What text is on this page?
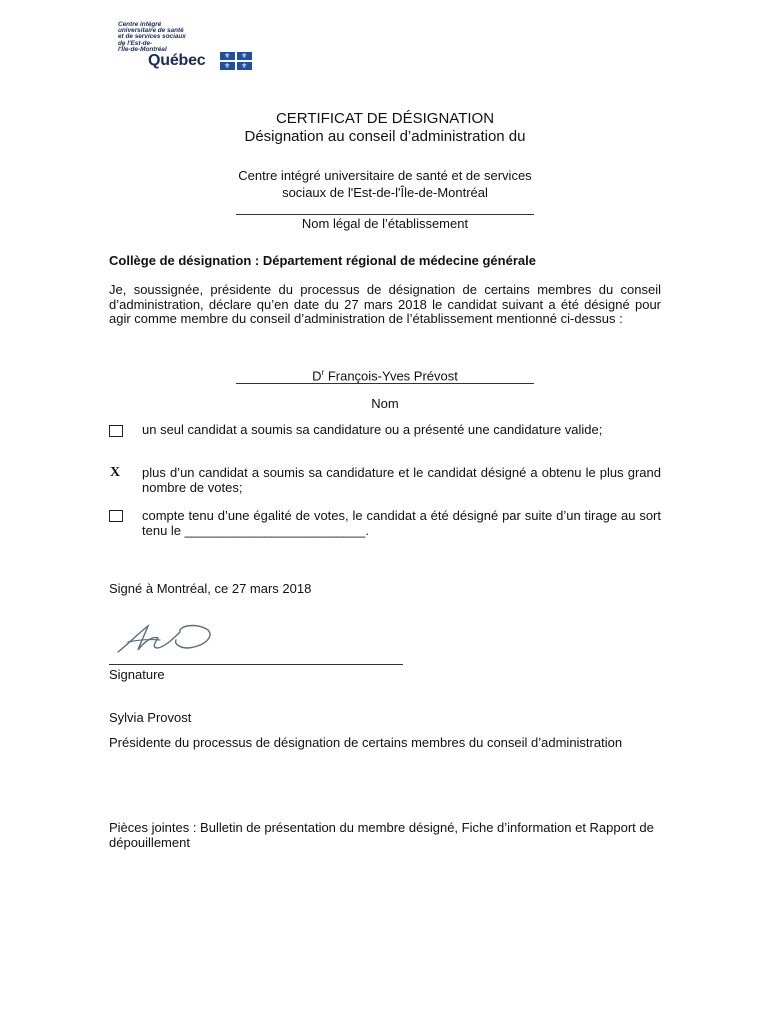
Centre intégré
universitaire de santé
et de services sociaux
de l'Est-de-
l'Île-de-Montréal
Québec	⚜ ⚜
⚜ ⚜
CERTIFICAT DE DÉSIGNATION
Désignation au conseil d’administration du
Centre intégré universitaire de santé et de services sociaux de l'Est-de-l'Île-de-Montréal
Nom légal de l’établissement
Collège de désignation : Département régional de médecine générale
Je, soussignée, présidente du processus de désignation de certains membres du conseil d’administration, déclare qu’en date du 27 mars 2018 le candidat suivant a été désigné pour agir comme membre du conseil d’administration de l’établissement mentionné ci-dessus :
$D^r$ François-Yves Prévost
Nom
un seul candidat a soumis sa candidature ou a présenté une candidature valide;
X plus d’un candidat a soumis sa candidature et le candidat désigné a obtenu le plus grand nombre de votes;
compte tenu d’une égalité de votes, le candidat a été désigné par suite d’un tirage au sort tenu le _________________________.
Signé à Montréal, ce 27 mars 2018
Signature
Sylvia Provost
Présidente du processus de désignation de certains membres du conseil d’administration
Pièces jointes : Bulletin de présentation du membre désigné, Fiche d’information et Rapport de dépouillement
